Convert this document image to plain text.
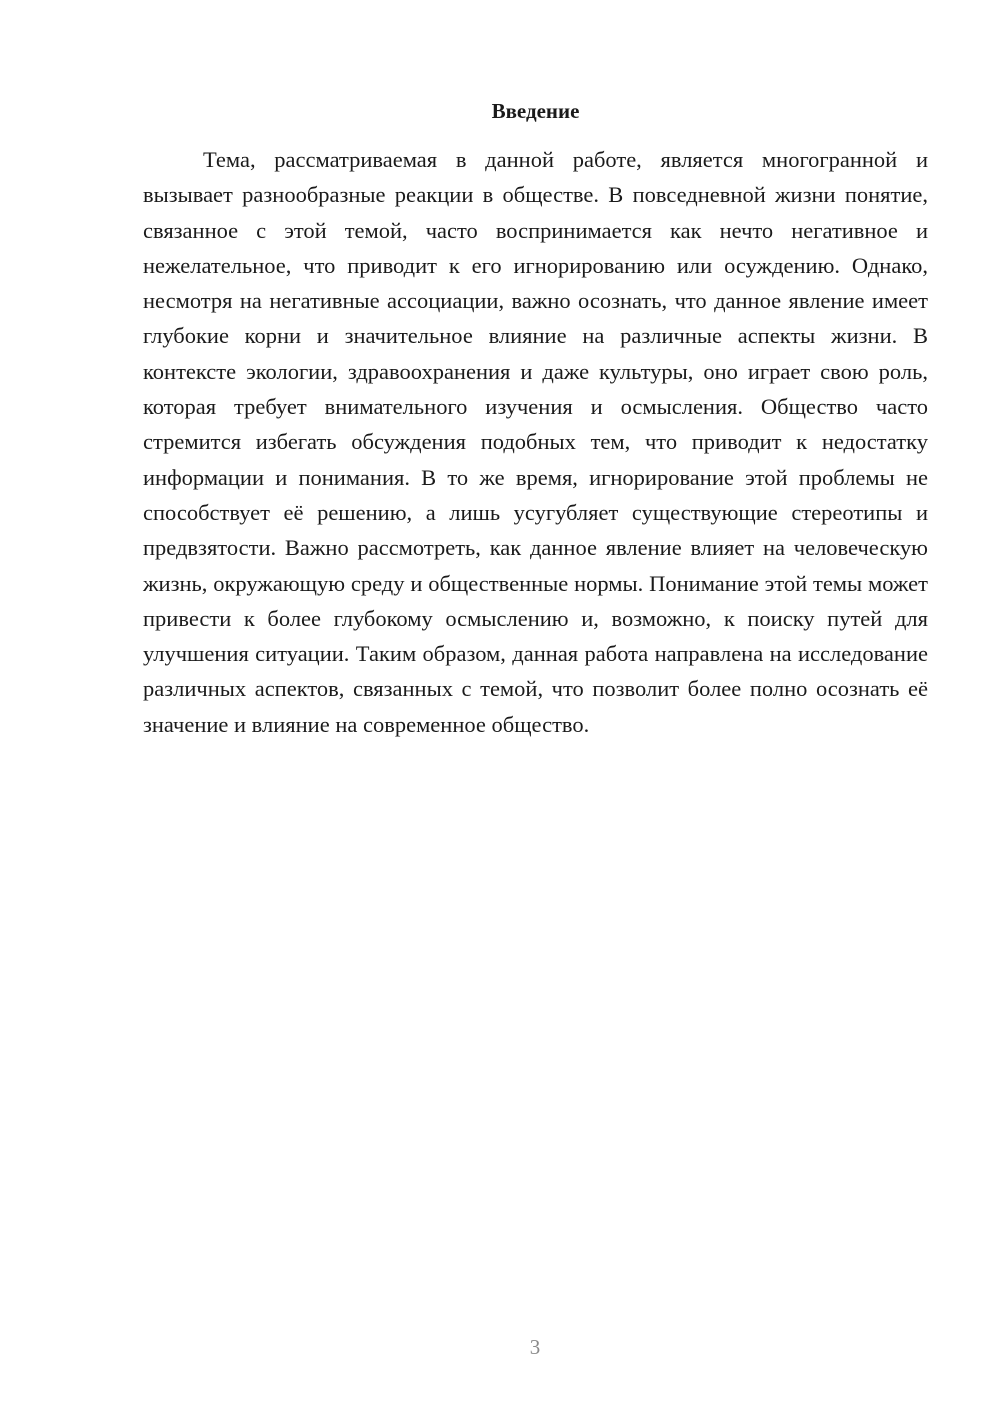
Введение

Тема, рассматриваемая в данной работе, является многогранной и вызывает разнообразные реакции в обществе. В повседневной жизни понятие, связанное с этой темой, часто воспринимается как нечто негативное и нежелательное, что приводит к его игнорированию или осуждению. Однако, несмотря на негативные ассоциации, важно осознать, что данное явление имеет глубокие корни и значительное влияние на различные аспекты жизни. В контексте экологии, здравоохранения и даже культуры, оно играет свою роль, которая требует внимательного изучения и осмысления. Общество часто стремится избегать обсуждения подобных тем, что приводит к недостатку информации и понимания. В то же время, игнорирование этой проблемы не способствует её решению, а лишь усугубляет существующие стереотипы и предвзятости. Важно рассмотреть, как данное явление влияет на человеческую жизнь, окружающую среду и общественные нормы. Понимание этой темы может привести к более глубокому осмыслению и, возможно, к поиску путей для улучшения ситуации. Таким образом, данная работа направлена на исследование различных аспектов, связанных с темой, что позволит более полно осознать её значение и влияние на современное общество.

3
